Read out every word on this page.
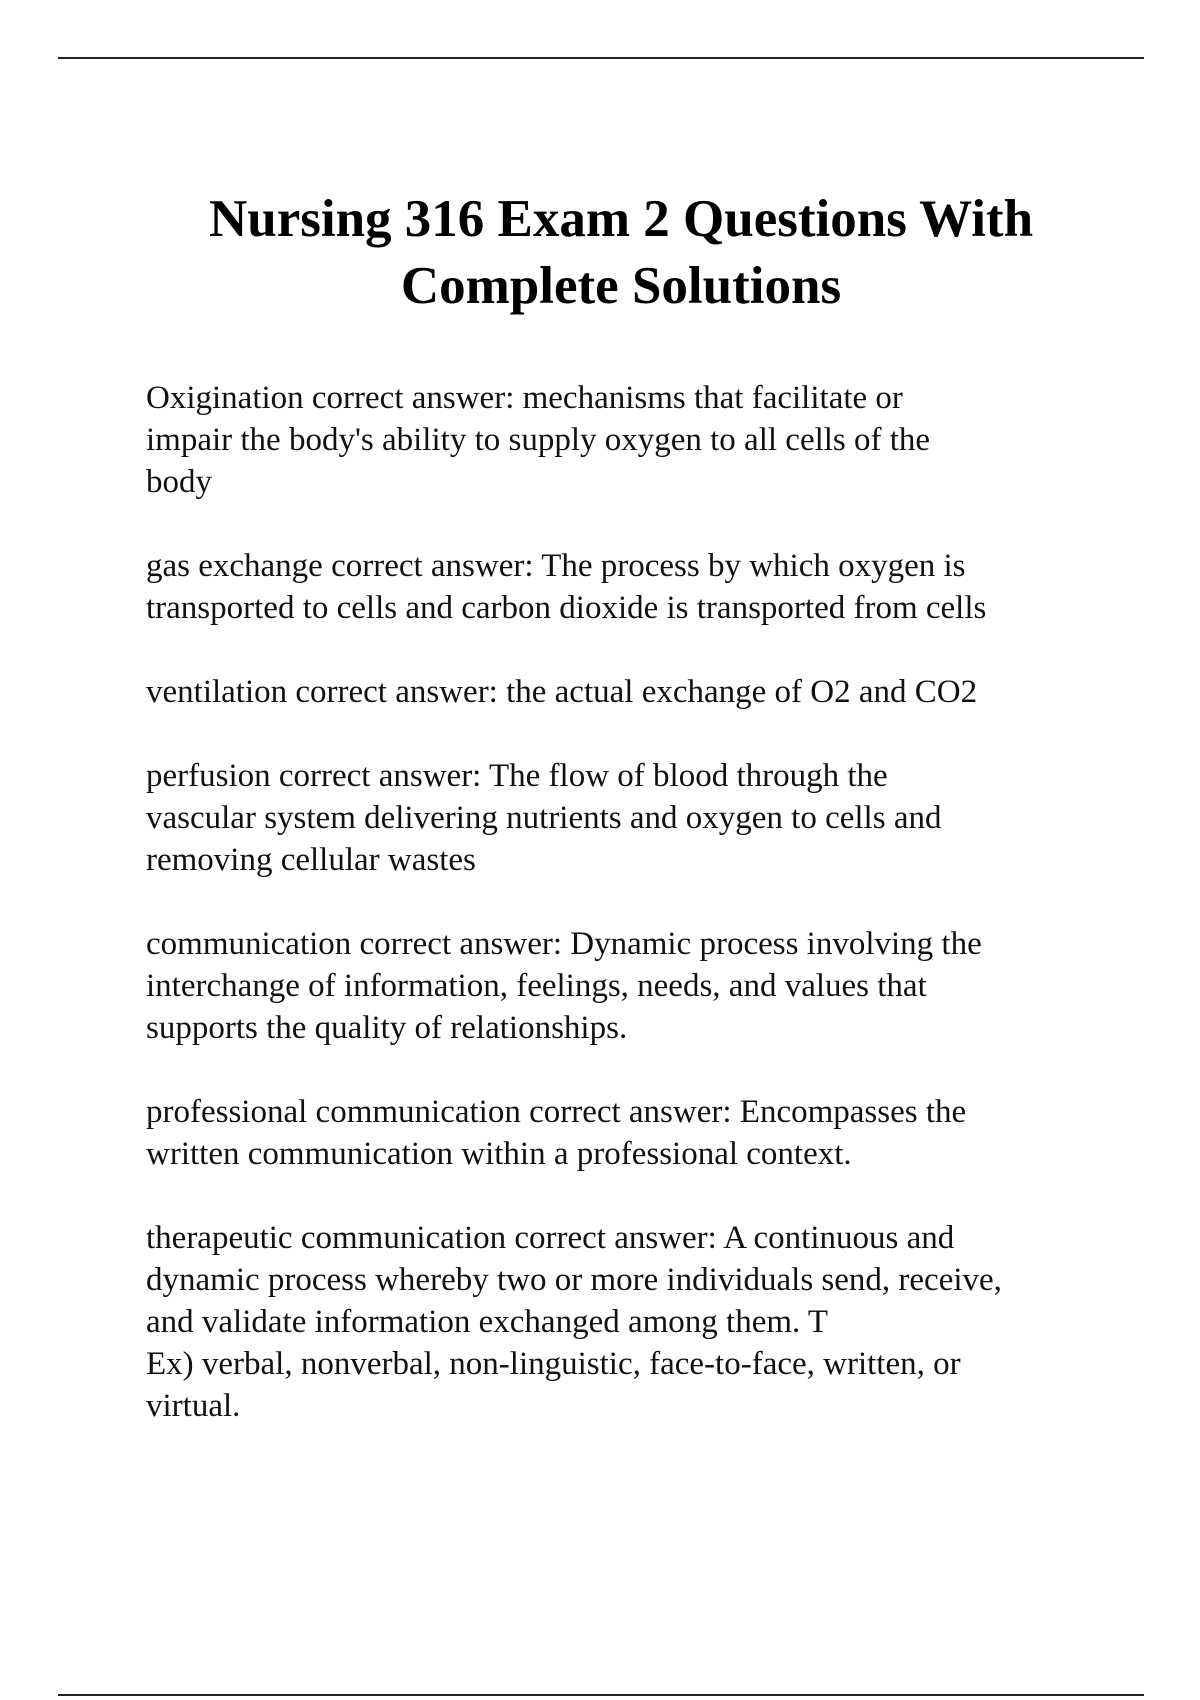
Nursing 316 Exam 2 Questions With
Complete Solutions

Oxigination correct answer: mechanisms that facilitate or
impair the body's ability to supply oxygen to all cells of the
body

gas exchange correct answer: The process by which oxygen is
transported to cells and carbon dioxide is transported from cells

ventilation correct answer: the actual exchange of O2 and CO2

perfusion correct answer: The flow of blood through the
vascular system delivering nutrients and oxygen to cells and
removing cellular wastes

communication correct answer: Dynamic process involving the
interchange of information, feelings, needs, and values that
supports the quality of relationships.

professional communication correct answer: Encompasses the
written communication within a professional context.

therapeutic communication correct answer: A continuous and
dynamic process whereby two or more individuals send, receive,
and validate information exchanged among them. T
Ex) verbal, nonverbal, non-linguistic, face-to-face, written, or
virtual.
